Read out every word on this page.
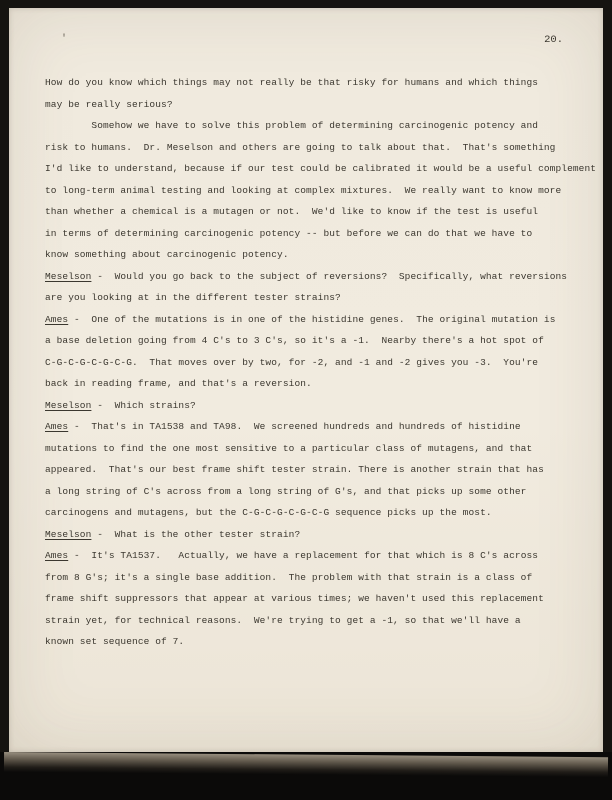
'	20.
How do you know which things may not really be that risky for humans and which things
may be really serious?
Somehow we have to solve this problem of determining carcinogenic potency and
risk to humans.  Dr. Meselson and others are going to talk about that.  That's something
I'd like to understand, because if our test could be calibrated it would be a useful complement
to long-term animal testing and looking at complex mixtures.  We really want to know more
than whether a chemical is a mutagen or not.  We'd like to know if the test is useful
in terms of determining carcinogenic potency -- but before we can do that we have to
know something about carcinogenic potency.
Meselson -  Would you go back to the subject of reversions?  Specifically, what reversions
are you looking at in the different tester strains?
Ames -  One of the mutations is in one of the histidine genes.  The original mutation is
a base deletion going from 4 C's to 3 C's, so it's a -1.  Nearby there's a hot spot of
C-G-C-G-C-G-C-G.  That moves over by two, for -2, and -1 and -2 gives you -3.  You're
back in reading frame, and that's a reversion.
Meselson -  Which strains?
Ames -  That's in TA1538 and TA98.  We screened hundreds and hundreds of histidine
mutations to find the one most sensitive to a particular class of mutagens, and that
appeared.  That's our best frame shift tester strain. There is another strain that has
a long string of C's across from a long string of G's, and that picks up some other
carcinogens and mutagens, but the C-G-C-G-C-G-C-G sequence picks up the most.
Meselson -  What is the other tester strain?
Ames -  It's TA1537.   Actually, we have a replacement for that which is 8 C's across
from 8 G's; it's a single base addition.  The problem with that strain is a class of
frame shift suppressors that appear at various times; we haven't used this replacement
strain yet, for technical reasons.  We're trying to get a -1, so that we'll have a
known set sequence of 7.
